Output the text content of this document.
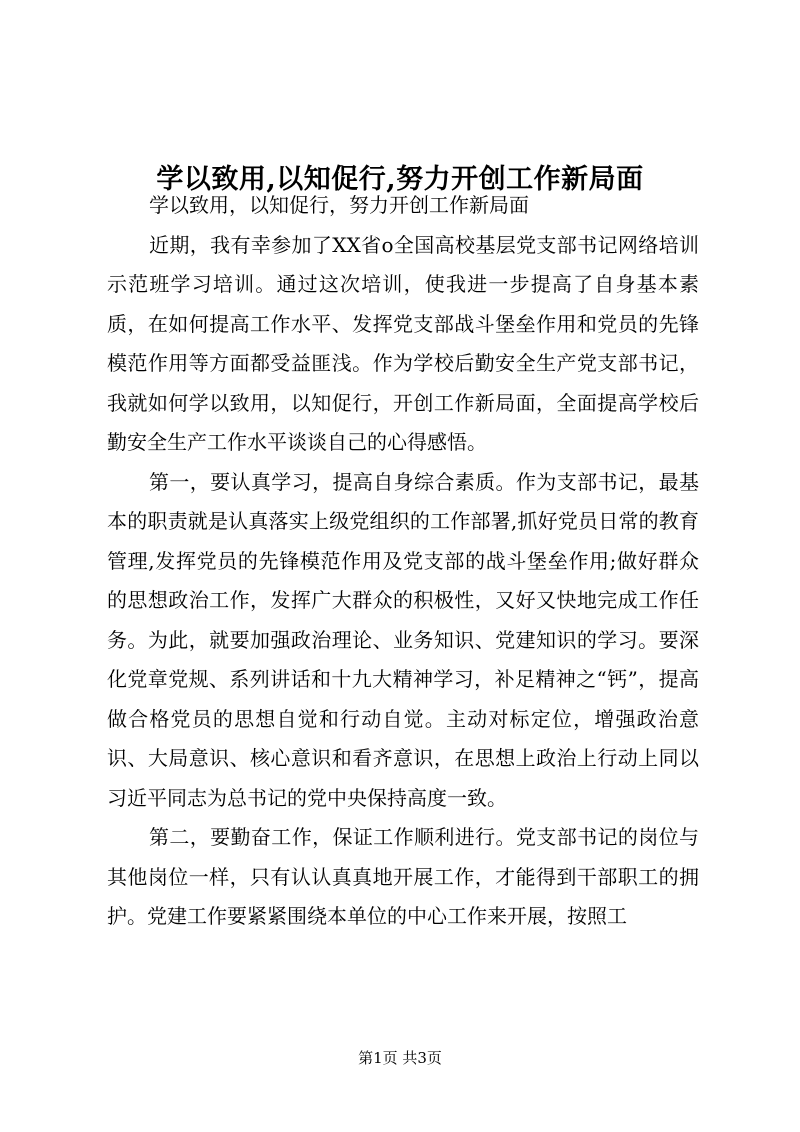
学以致用,以知促行,努力开创工作新局面

学以致用，以知促行，努力开创工作新局面

近期，我有幸参加了XX省o全国高校基层党支部书记网络培训示范班学习培训。通过这次培训，使我进一步提高了自身基本素质，在如何提高工作水平、发挥党支部战斗堡垒作用和党员的先锋模范作用等方面都受益匪浅。作为学校后勤安全生产党支部书记，我就如何学以致用，以知促行，开创工作新局面，全面提高学校后勤安全生产工作水平谈谈自己的心得感悟。

第一，要认真学习，提高自身综合素质。作为支部书记，最基本的职责就是认真落实上级党组织的工作部署,抓好党员日常的教育管理,发挥党员的先锋模范作用及党支部的战斗堡垒作用;做好群众的思想政治工作，发挥广大群众的积极性，又好又快地完成工作任务。为此，就要加强政治理论、业务知识、党建知识的学习。要深化党章党规、系列讲话和十九大精神学习，补足精神之“钙”，提高做合格党员的思想自觉和行动自觉。主动对标定位，增强政治意识、大局意识、核心意识和看齐意识，在思想上政治上行动上同以习近平同志为总书记的党中央保持高度一致。

第二，要勤奋工作，保证工作顺利进行。党支部书记的岗位与其他岗位一样，只有认认真真地开展工作，才能得到干部职工的拥护。党建工作要紧紧围绕本单位的中心工作来开展，按照工

第1页 共3页
